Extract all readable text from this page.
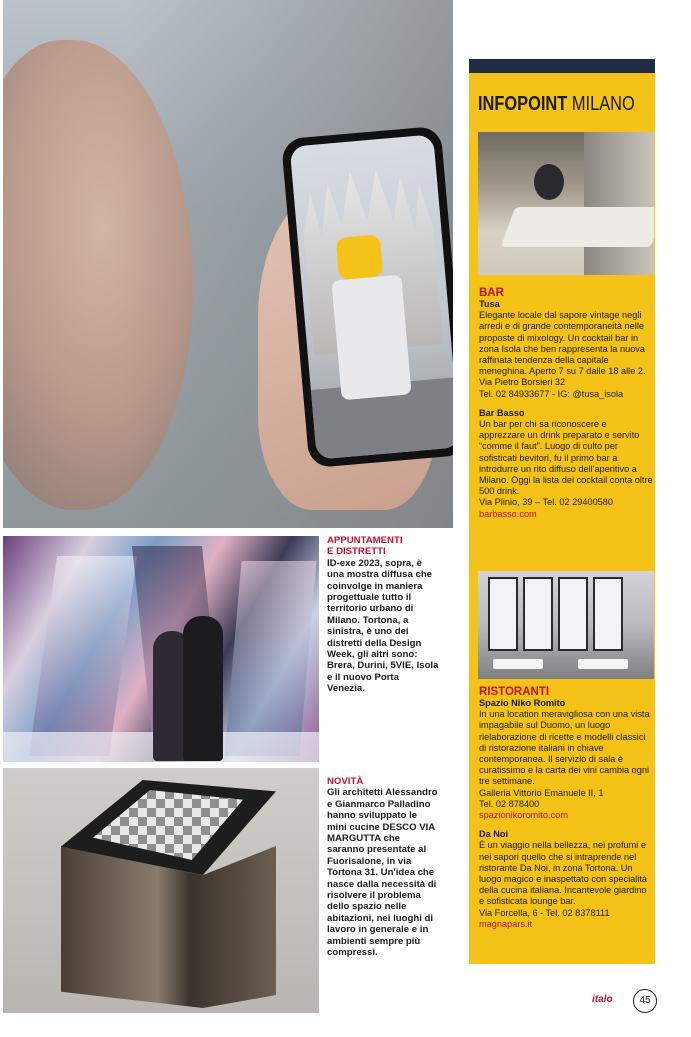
APPUNTAMENTI
E DISTRETTI

ID-exe 2023, sopra, è una mostra diffusa che coinvolge in maniera progettuale tutto il territorio urbano di Milano. Tortona, a sinistra, è uno dei distretti della Design Week, gli altri sono: Brera, Durini, 5VIE, Isola e il nuovo Porta Venezia.

NOVITÀ

Gli architetti Alessandro e Gianmarco Palladino hanno sviluppato le mini cucine DESCO VIA MARGUTTA che saranno presentate al Fuorisalone, in via Tortona 31. Un'idea che nasce dalla necessità di risolvere il problema dello spazio nelle abitazioni, nei luoghi di lavoro in generale e in ambienti sempre più compressi.

INFOPOINT MILANO
BAR
Tusa

Elegante locale dal sapore vintage negli arredi e di grande contemporaneità nelle proposte di mixology. Un cocktail bar in zona Isola che ben rappresenta la nuova raffinata tendenza della capitale meneghina. Aperto 7 su 7 dalle 18 alle 2.

Via Pietro Borsieri 32

Tel. 02 84933677 - IG: @tusa_isola

Bar Basso

Un bar per chi sa riconoscere e apprezzare un drink preparato e servito “comme il faut”. Luogo di culto per sofisticati bevitori, fu il primo bar a introdurre un rito diffuso dell'aperitivo a Milano. Oggi la lista dei cocktail conta oltre 500 drink.

Via Plinio, 39 – Tel. 02 29400580

barbasso.com

RISTORANTI
Spazio Niko Romito

In una location meravigliosa con una vista impagabile sul Duomo, un luogo rielaborazione di ricette e modelli classici di ristorazione italiani in chiave contemporanea. Il servizio di sala è curatissimo e la carta dei vini cambia ogni tre settimane.

Galleria Vittorio Emanuele II, 1

Tel. 02 878400

spazionikoromito.com

Da Noi

È un viaggio nella bellezza, nei profumi e nei sapori quello che si intraprende nel ristorante Da Noi, in zona Tortona. Un luogo magico e inaspettato con specialità della cucina italiana. Incantevole giardino e sofisticata lounge bar.

Via Forcella, 6 - Tel. 02 8378111

magnapars.it

italo	45
